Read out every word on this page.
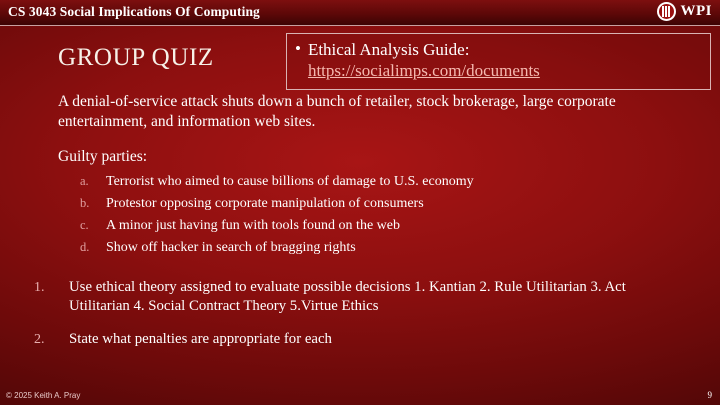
CS 3043 Social Implications Of Computing	WPI
GROUP QUIZ	• Ethical Analysis Guide:
https://socialimps.com/documents
A denial-of-service attack shuts down a bunch of retailer, stock brokerage, large corporate entertainment, and information web sites.
Guilty parties:
a.	Terrorist who aimed to cause billions of damage to U.S. economy
b.	Protestor opposing corporate manipulation of consumers
c.	A minor just having fun with tools found on the web
d.	Show off hacker in search of bragging rights
1.	Use ethical theory assigned to evaluate possible decisions 1. Kantian 2. Rule Utilitarian 3. Act Utilitarian 4. Social Contract Theory 5.Virtue Ethics
2.	State what penalties are appropriate for each
© 2025 Keith A. Pray	9
